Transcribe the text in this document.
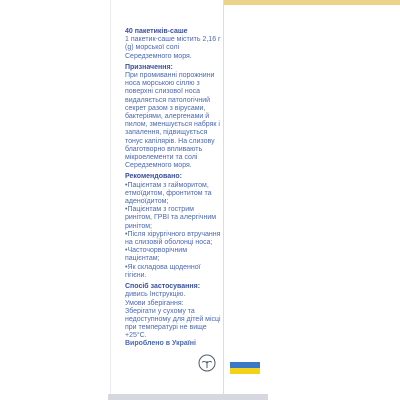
40 пакетиків-саше
1 пакетик-саше містить 2,16 г (g) морської солі Середземного моря.
Призначення:
При промиванні порожнини носа морською сіллю з поверхні слизової носа видаляється патологічний секрет разом з вірусами, бактеріями, алергенами й пилом, зменшується набряк і запалення, підвищується тонус капілярів. На слизову благотворно впливають мікроелементи та солі Середземного моря.
Рекомендовано:
•Пацієнтам з гайморитом, етмоїдитом, фронтитом та аденоїдитом;
•Пацієнтам з гострим ринітом, ГРВІ та алергічним ринітом;
•Після хірургічного втручання на слизовій оболонці носа;
•Часточорворічним пацієнтам;
•Як складова щоденної гігієни.
Спосіб застосування:
дивись Інструкцію.
Умови зберігання:
Зберігати у сухому та недоступному для дітей місці при температурі не вище +25°C.
Вироблено в Україні
